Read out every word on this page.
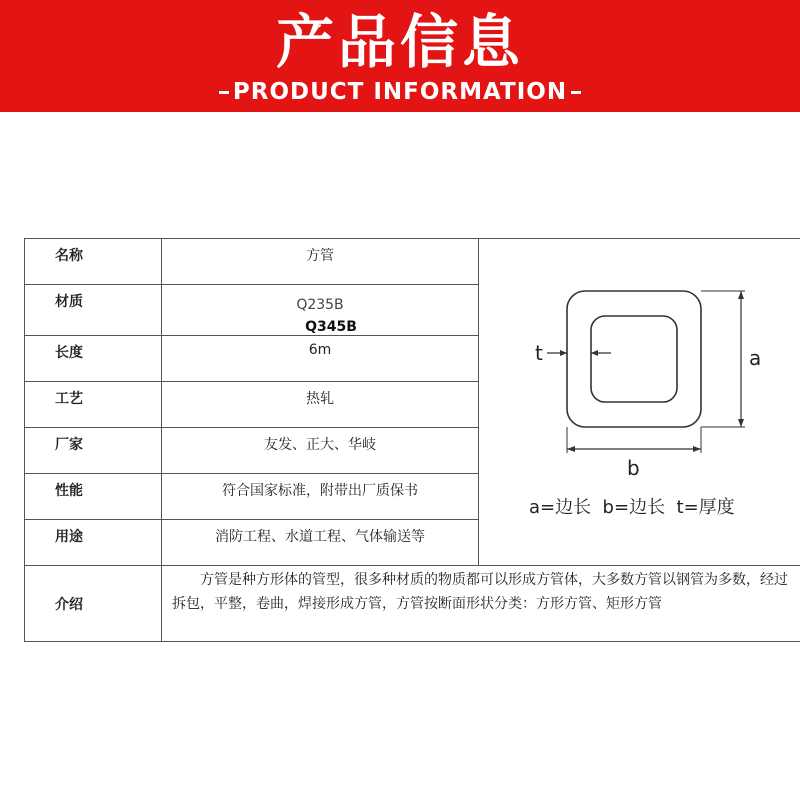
产品信息
PRODUCT INFORMATION
名称	方管	t a
b
a=边长  b=边长  t=厚度

材质	Q235B
Q345B	

长度	6m	

工艺	热轧	

厂家	友发、正大、华岐	

性能	符合国家标准，附带出厂质保书	

用途	消防工程、水道工程、气体输送等	

介绍	方管是种方形体的管型，很多种材质的物质都可以形成方管体，大多数方管以钢管为多数，经过拆包，平整，卷曲，焊接形成方管，方管按断面形状分类：方形方管、矩形方管	
